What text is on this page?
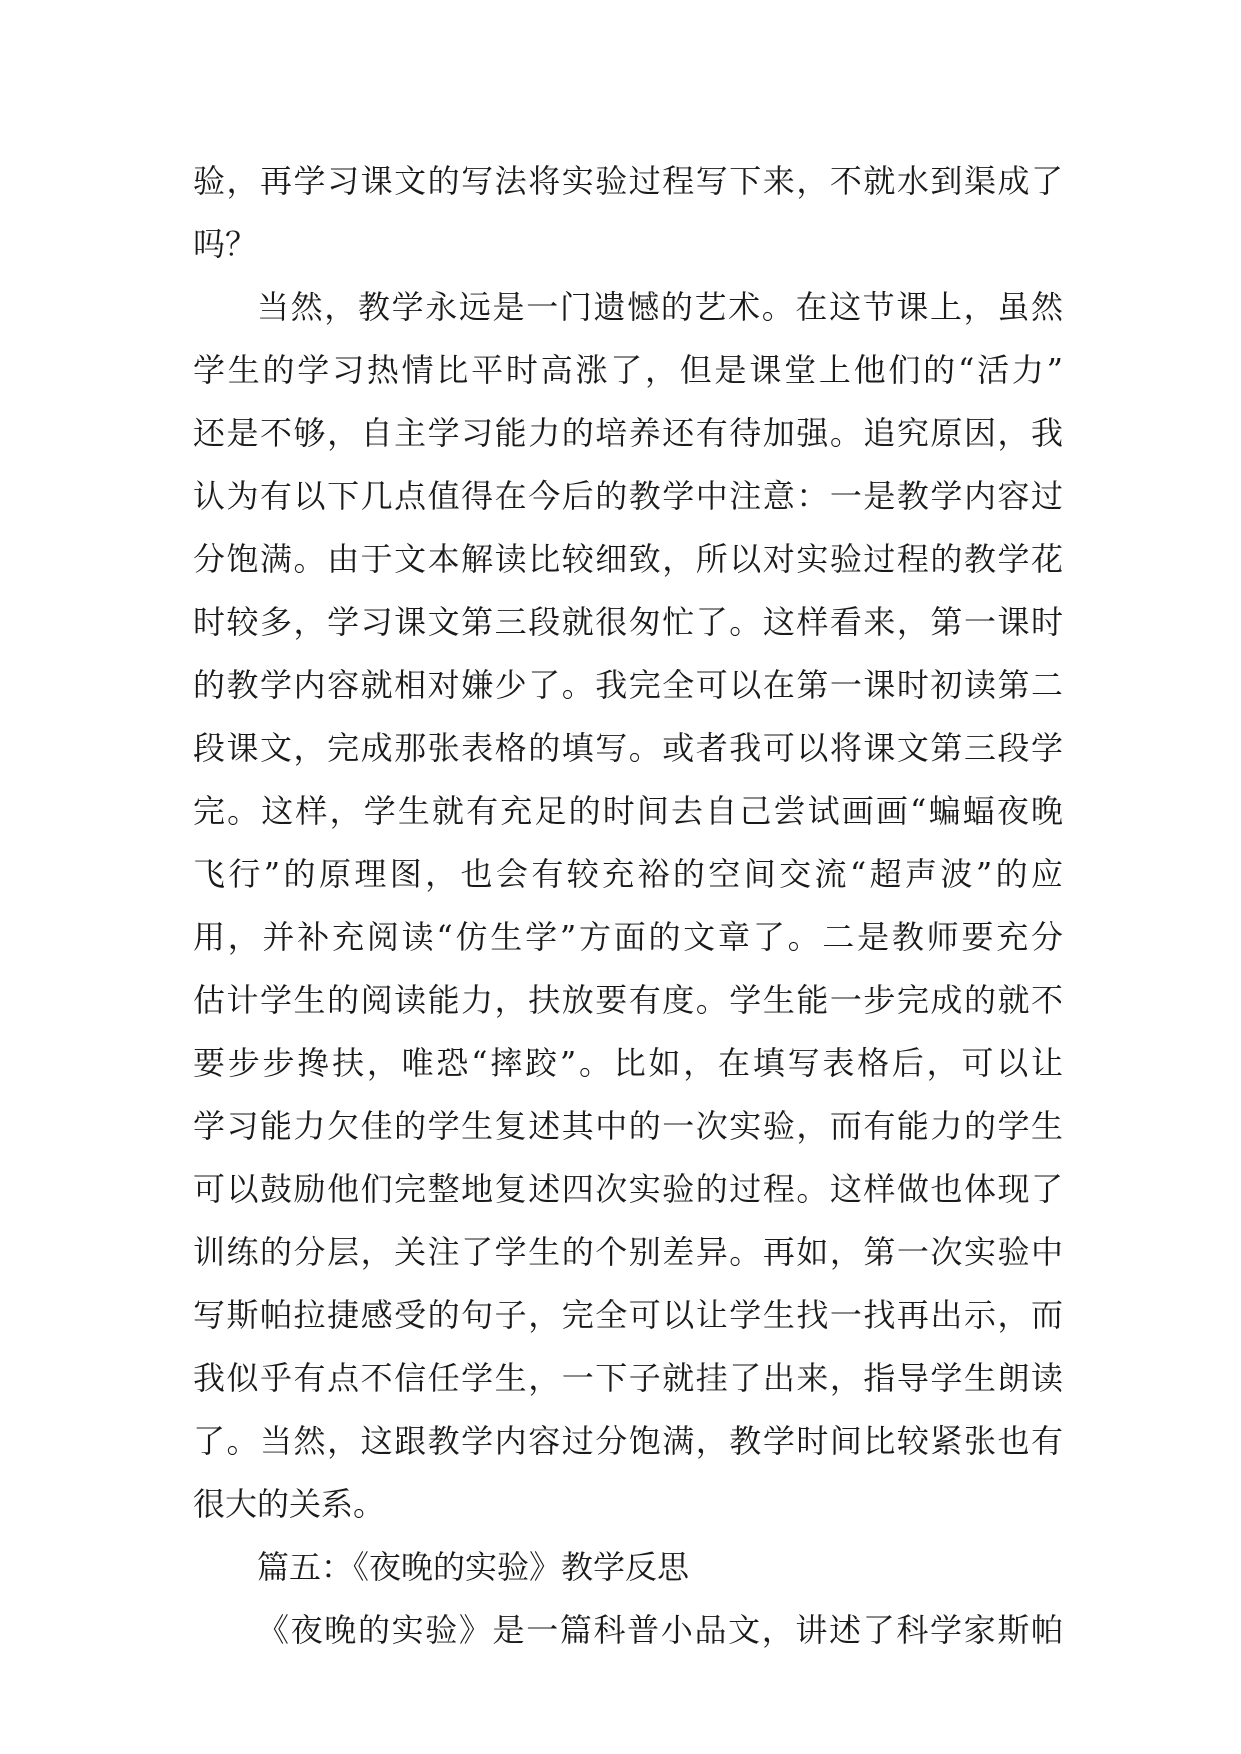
验，再学习课文的写法将实验过程写下来，不就水到渠成了
吗？
当然，教学永远是一门遗憾的艺术。在这节课上，虽然
学生的学习热情比平时高涨了，但是课堂上他们的“活力”
还是不够，自主学习能力的培养还有待加强。追究原因，我
认为有以下几点值得在今后的教学中注意：一是教学内容过
分饱满。由于文本解读比较细致，所以对实验过程的教学花
时较多，学习课文第三段就很匆忙了。这样看来，第一课时
的教学内容就相对嫌少了。我完全可以在第一课时初读第二
段课文，完成那张表格的填写。或者我可以将课文第三段学
完。这样，学生就有充足的时间去自己尝试画画“蝙蝠夜晚
飞行”的原理图，也会有较充裕的空间交流“超声波”的应
用，并补充阅读“仿生学”方面的文章了。二是教师要充分
估计学生的阅读能力，扶放要有度。学生能一步完成的就不
要步步搀扶，唯恐“摔跤”。比如，在填写表格后，可以让
学习能力欠佳的学生复述其中的一次实验，而有能力的学生
可以鼓励他们完整地复述四次实验的过程。这样做也体现了
训练的分层，关注了学生的个别差异。再如，第一次实验中
写斯帕拉捷感受的句子，完全可以让学生找一找再出示，而
我似乎有点不信任学生，一下子就挂了出来，指导学生朗读
了。当然，这跟教学内容过分饱满，教学时间比较紧张也有
很大的关系。
篇五：《夜晚的实验》教学反思
《夜晚的实验》是一篇科普小品文，讲述了科学家斯帕
